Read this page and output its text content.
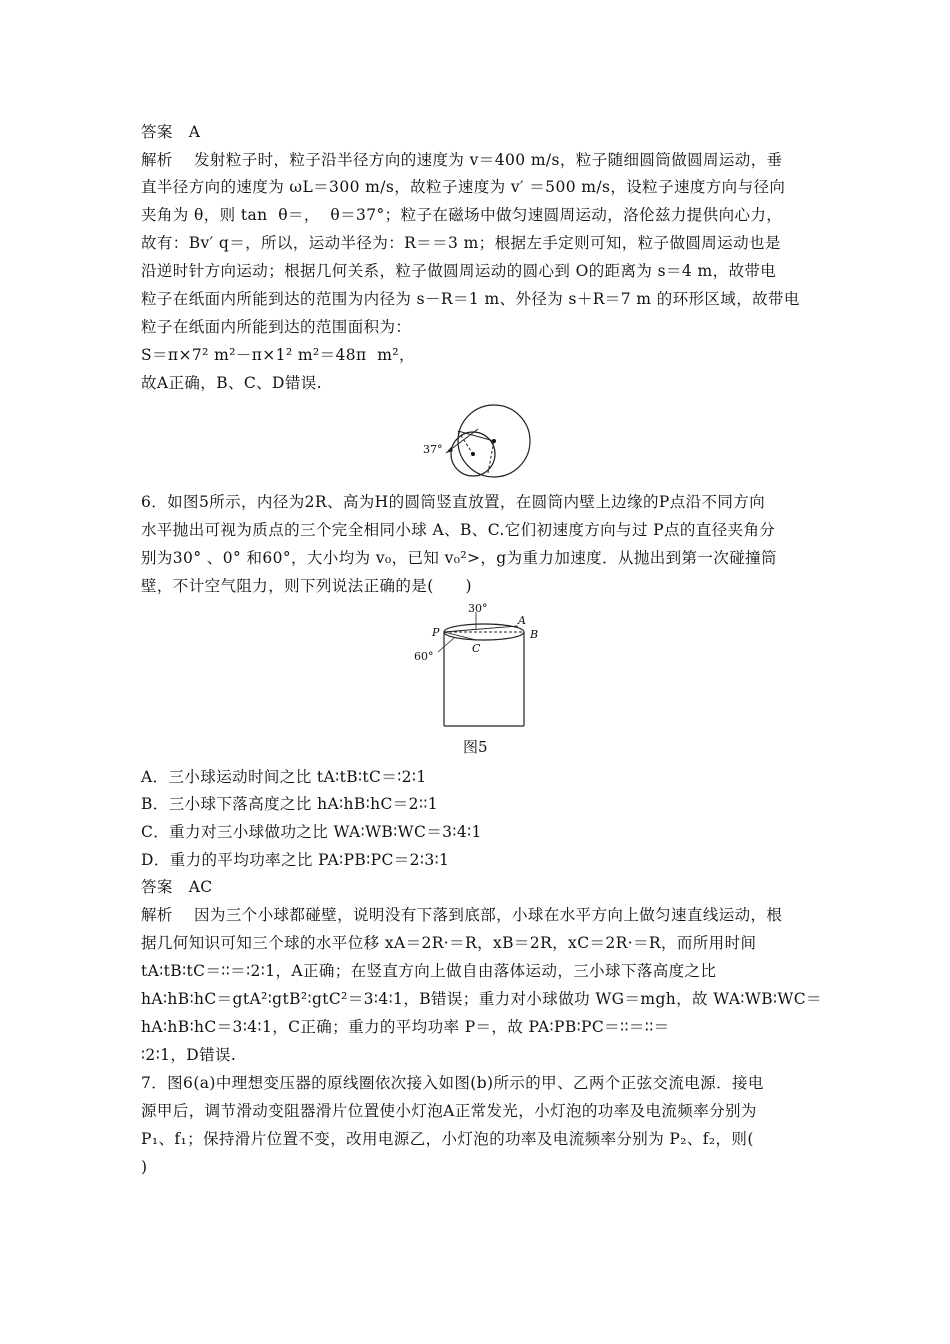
答案　A
解析　 发射粒子时，粒子沿半径方向的速度为 v＝400 m/s，粒子随细圆筒做圆周运动，垂
直半径方向的速度为 ωL＝300 m/s，故粒子速度为 v′ ＝500 m/s，设粒子速度方向与径向
夹角为 θ，则 tan  θ＝，  θ＝37°；粒子在磁场中做匀速圆周运动，洛伦兹力提供向心力，
故有：Bv′ q＝，所以，运动半径为：R＝＝3 m；根据左手定则可知，粒子做圆周运动也是
沿逆时针方向运动；根据几何关系，粒子做圆周运动的圆心到 O的距离为 s＝4 m，故带电
粒子在纸面内所能到达的范围为内径为 s－R＝1 m、外径为 s＋R＝7 m 的环形区域，故带电
粒子在纸面内所能到达的范围面积为：
S＝π×7² m²－π×1² m²＝48π  m²，
故A正确，B、C、D错误.
37°
6．如图5所示，内径为2R、高为H的圆筒竖直放置，在圆筒内壁上边缘的P点沿不同方向
水平抛出可视为质点的三个完全相同小球 A、B、C.它们初速度方向与过 P点的直径夹角分
别为30° 、0° 和60°，大小均为 v₀，已知 v₀²>，g为重力加速度．从抛出到第一次碰撞筒
壁，不计空气阻力，则下列说法正确的是(　　)
30°
A
P	B
C
60°
图5
A．三小球运动时间之比 tA∶tB∶tC＝∶2∶1
B．三小球下落高度之比 hA∶hB∶hC＝2∶∶1
C．重力对三小球做功之比 WA∶WB∶WC＝3∶4∶1
D．重力的平均功率之比 PA∶PB∶PC＝2∶3∶1
答案　AC
解析　 因为三个小球都碰壁，说明没有下落到底部，小球在水平方向上做匀速直线运动，根
据几何知识可知三个球的水平位移 xA＝2R·＝R，xB＝2R，xC＝2R·＝R，而所用时间
tA∶tB∶tC＝∶∶＝∶2∶1，A正确；在竖直方向上做自由落体运动，三小球下落高度之比
hA∶hB∶hC＝gtA²∶gtB²∶gtC²＝3∶4∶1，B错误；重力对小球做功 WG＝mgh，故 WA∶WB∶WC＝
hA∶hB∶hC＝3∶4∶1，C正确；重力的平均功率 P＝，故 PA∶PB∶PC＝∶∶＝∶∶＝
∶2∶1，D错误.
7．图6(a)中理想变压器的原线圈依次接入如图(b)所示的甲、乙两个正弦交流电源．接电
源甲后，调节滑动变阻器滑片位置使小灯泡A正常发光，小灯泡的功率及电流频率分别为
P₁、f₁；保持滑片位置不变，改用电源乙，小灯泡的功率及电流频率分别为 P₂、f₂，则(
)
